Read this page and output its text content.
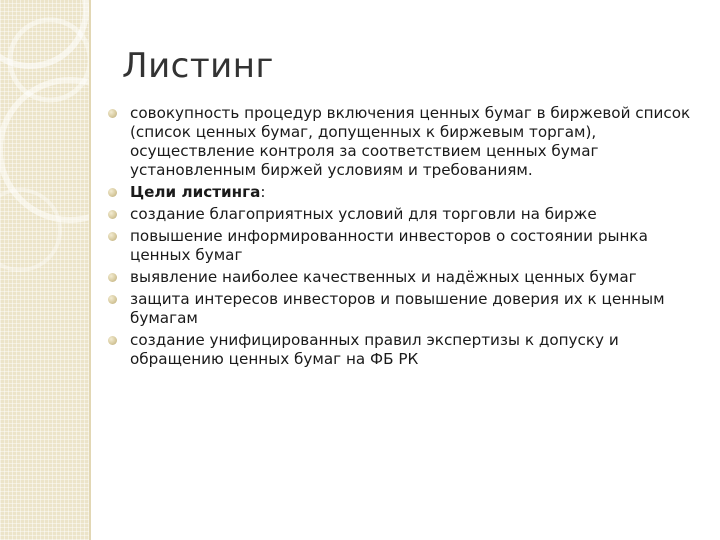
Листинг
совокупность процедур включения ценных бумаг в биржевой список (список ценных бумаг, допущенных к биржевым торгам), осуществление контроля за соответствием ценных бумаг установленным биржей условиям и требованиям.
Цели листинга:
создание благоприятных условий для торговли на бирже
повышение информированности инвесторов о состоянии рынка ценных бумаг
выявление наиболее качественных и надёжных ценных бумаг
защита интересов инвесторов и повышение доверия их к ценным бумагам
создание унифицированных правил экспертизы к допуску и обращению ценных бумаг на ФБ РК
